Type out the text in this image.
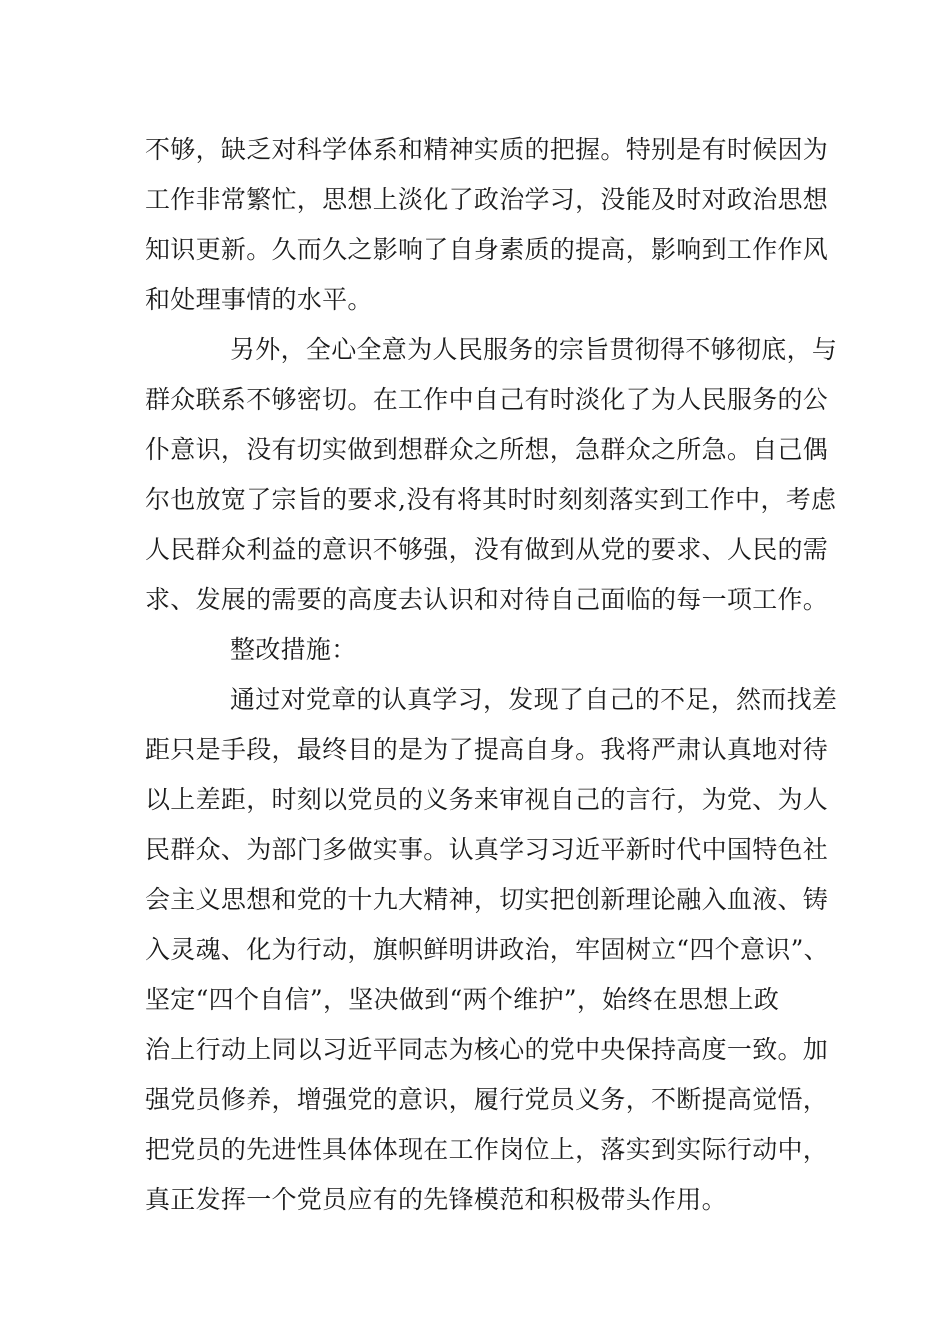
不够，缺乏对科学体系和精神实质的把握。特别是有时候因为
工作非常繁忙，思想上淡化了政治学习，没能及时对政治思想
知识更新。久而久之影响了自身素质的提高，影响到工作作风
和处理事情的水平。
另外，全心全意为人民服务的宗旨贯彻得不够彻底，与
群众联系不够密切。在工作中自己有时淡化了为人民服务的公
仆意识，没有切实做到想群众之所想，急群众之所急。自己偶
尔也放宽了宗旨的要求,没有将其时时刻刻落实到工作中，考虑
人民群众利益的意识不够强，没有做到从党的要求、人民的需
求、发展的需要的高度去认识和对待自己面临的每一项工作。
整改措施：
通过对党章的认真学习，发现了自己的不足，然而找差
距只是手段，最终目的是为了提高自身。我将严肃认真地对待
以上差距，时刻以党员的义务来审视自己的言行，为党、为人
民群众、为部门多做实事。认真学习习近平新时代中国特色社
会主义思想和党的十九大精神，切实把创新理论融入血液、铸
入灵魂、化为行动，旗帜鲜明讲政治，牢固树立“四个意识”、
坚定“四个自信”，坚决做到“两个维护”，始终在思想上政
治上行动上同以习近平同志为核心的党中央保持高度一致。加
强党员修养，增强党的意识，履行党员义务，不断提高觉悟，
把党员的先进性具体体现在工作岗位上，落实到实际行动中，
真正发挥一个党员应有的先锋模范和积极带头作用。
